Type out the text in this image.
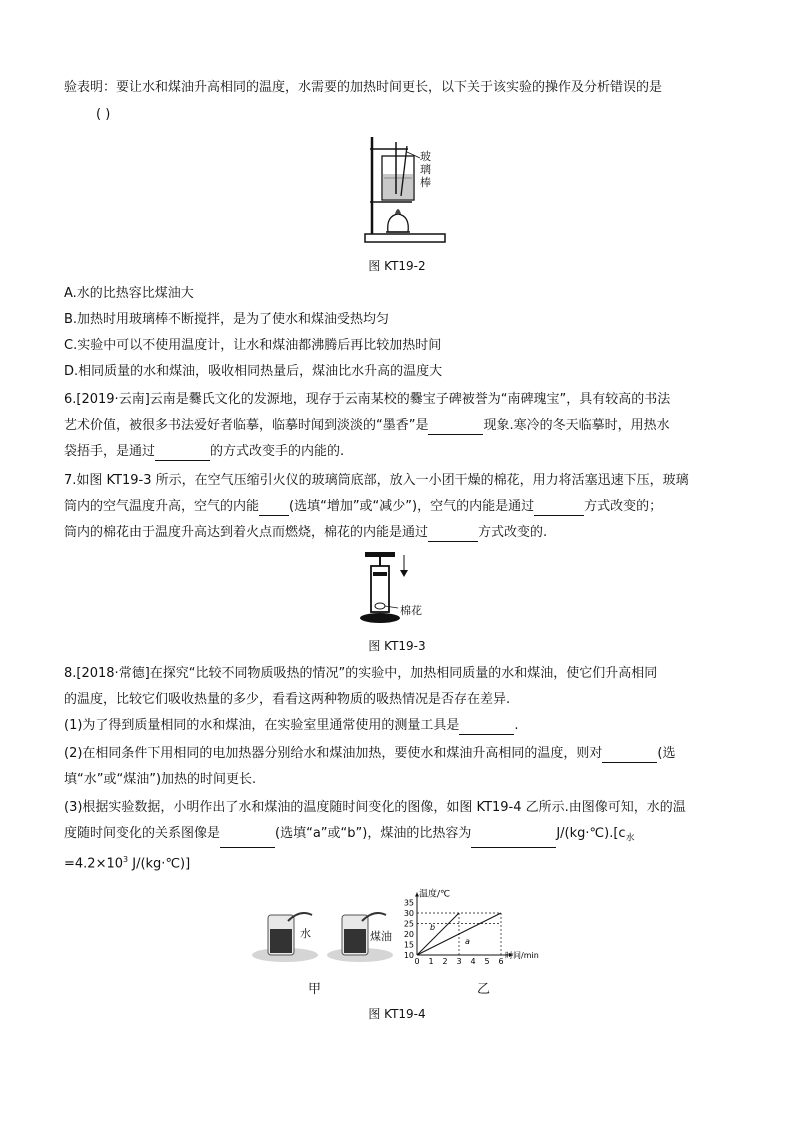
验表明：要让水和煤油升高相同的温度，水需要的加热时间更长，以下关于该实验的操作及分析错误的是
( )
玻璃棒
图 KT19-2
A.水的比热容比煤油大
B.加热时用玻璃棒不断搅拌，是为了使水和煤油受热均匀
C.实验中可以不使用温度计，让水和煤油都沸腾后再比较加热时间
D.相同质量的水和煤油，吸收相同热量后，煤油比水升高的温度大
6.[2019·云南]云南是爨氏文化的发源地，现存于云南某校的爨宝子碑被誉为“南碑瑰宝”，具有较高的书法
艺术价值，被很多书法爱好者临摹，临摹时闻到淡淡的“墨香”是	现象.寒冷的冬天临摹时，用热水
袋捂手，是通过	的方式改变手的内能的.
7.如图 KT19-3 所示，在空气压缩引火仪的玻璃筒底部，放入一小团干燥的棉花，用力将活塞迅速下压，玻璃
筒内的空气温度升高，空气的内能 (选填“增加”或“减少”)，空气的内能是通过	方式改变的；
筒内的棉花由于温度升高达到着火点而燃烧，棉花的内能是通过	方式改变的.
棉花
图 KT19-3
8.[2018·常德]在探究“比较不同物质吸热的情况”的实验中，加热相同质量的水和煤油，使它们升高相同
的温度，比较它们吸收热量的多少，看看这两种物质的吸热情况是否存在差异.
(1)为了得到质量相同的水和煤油，在实验室里通常使用的测量工具是	.
(2)在相同条件下用相同的电加热器分别给水和煤油加热，要使水和煤油升高相同的温度，则对	(选
填“水”或“煤油”)加热的时间更长.
(3)根据实验数据，小明作出了水和煤油的温度随时间变化的图像，如图 KT19-4 乙所示.由图像可知，水的温
度随时间变化的关系图像是	(选填“a”或“b”)，煤油的比热容为	$J/(kg\cdot℃).[c_水$
$=4.2\times 10^3$ J/(kg·℃)]
水	煤油
甲
温度/℃
时间/min
10
15
20
25
30
35
0 1 2 3 4 5 6
a
b
乙
图 KT19-4
